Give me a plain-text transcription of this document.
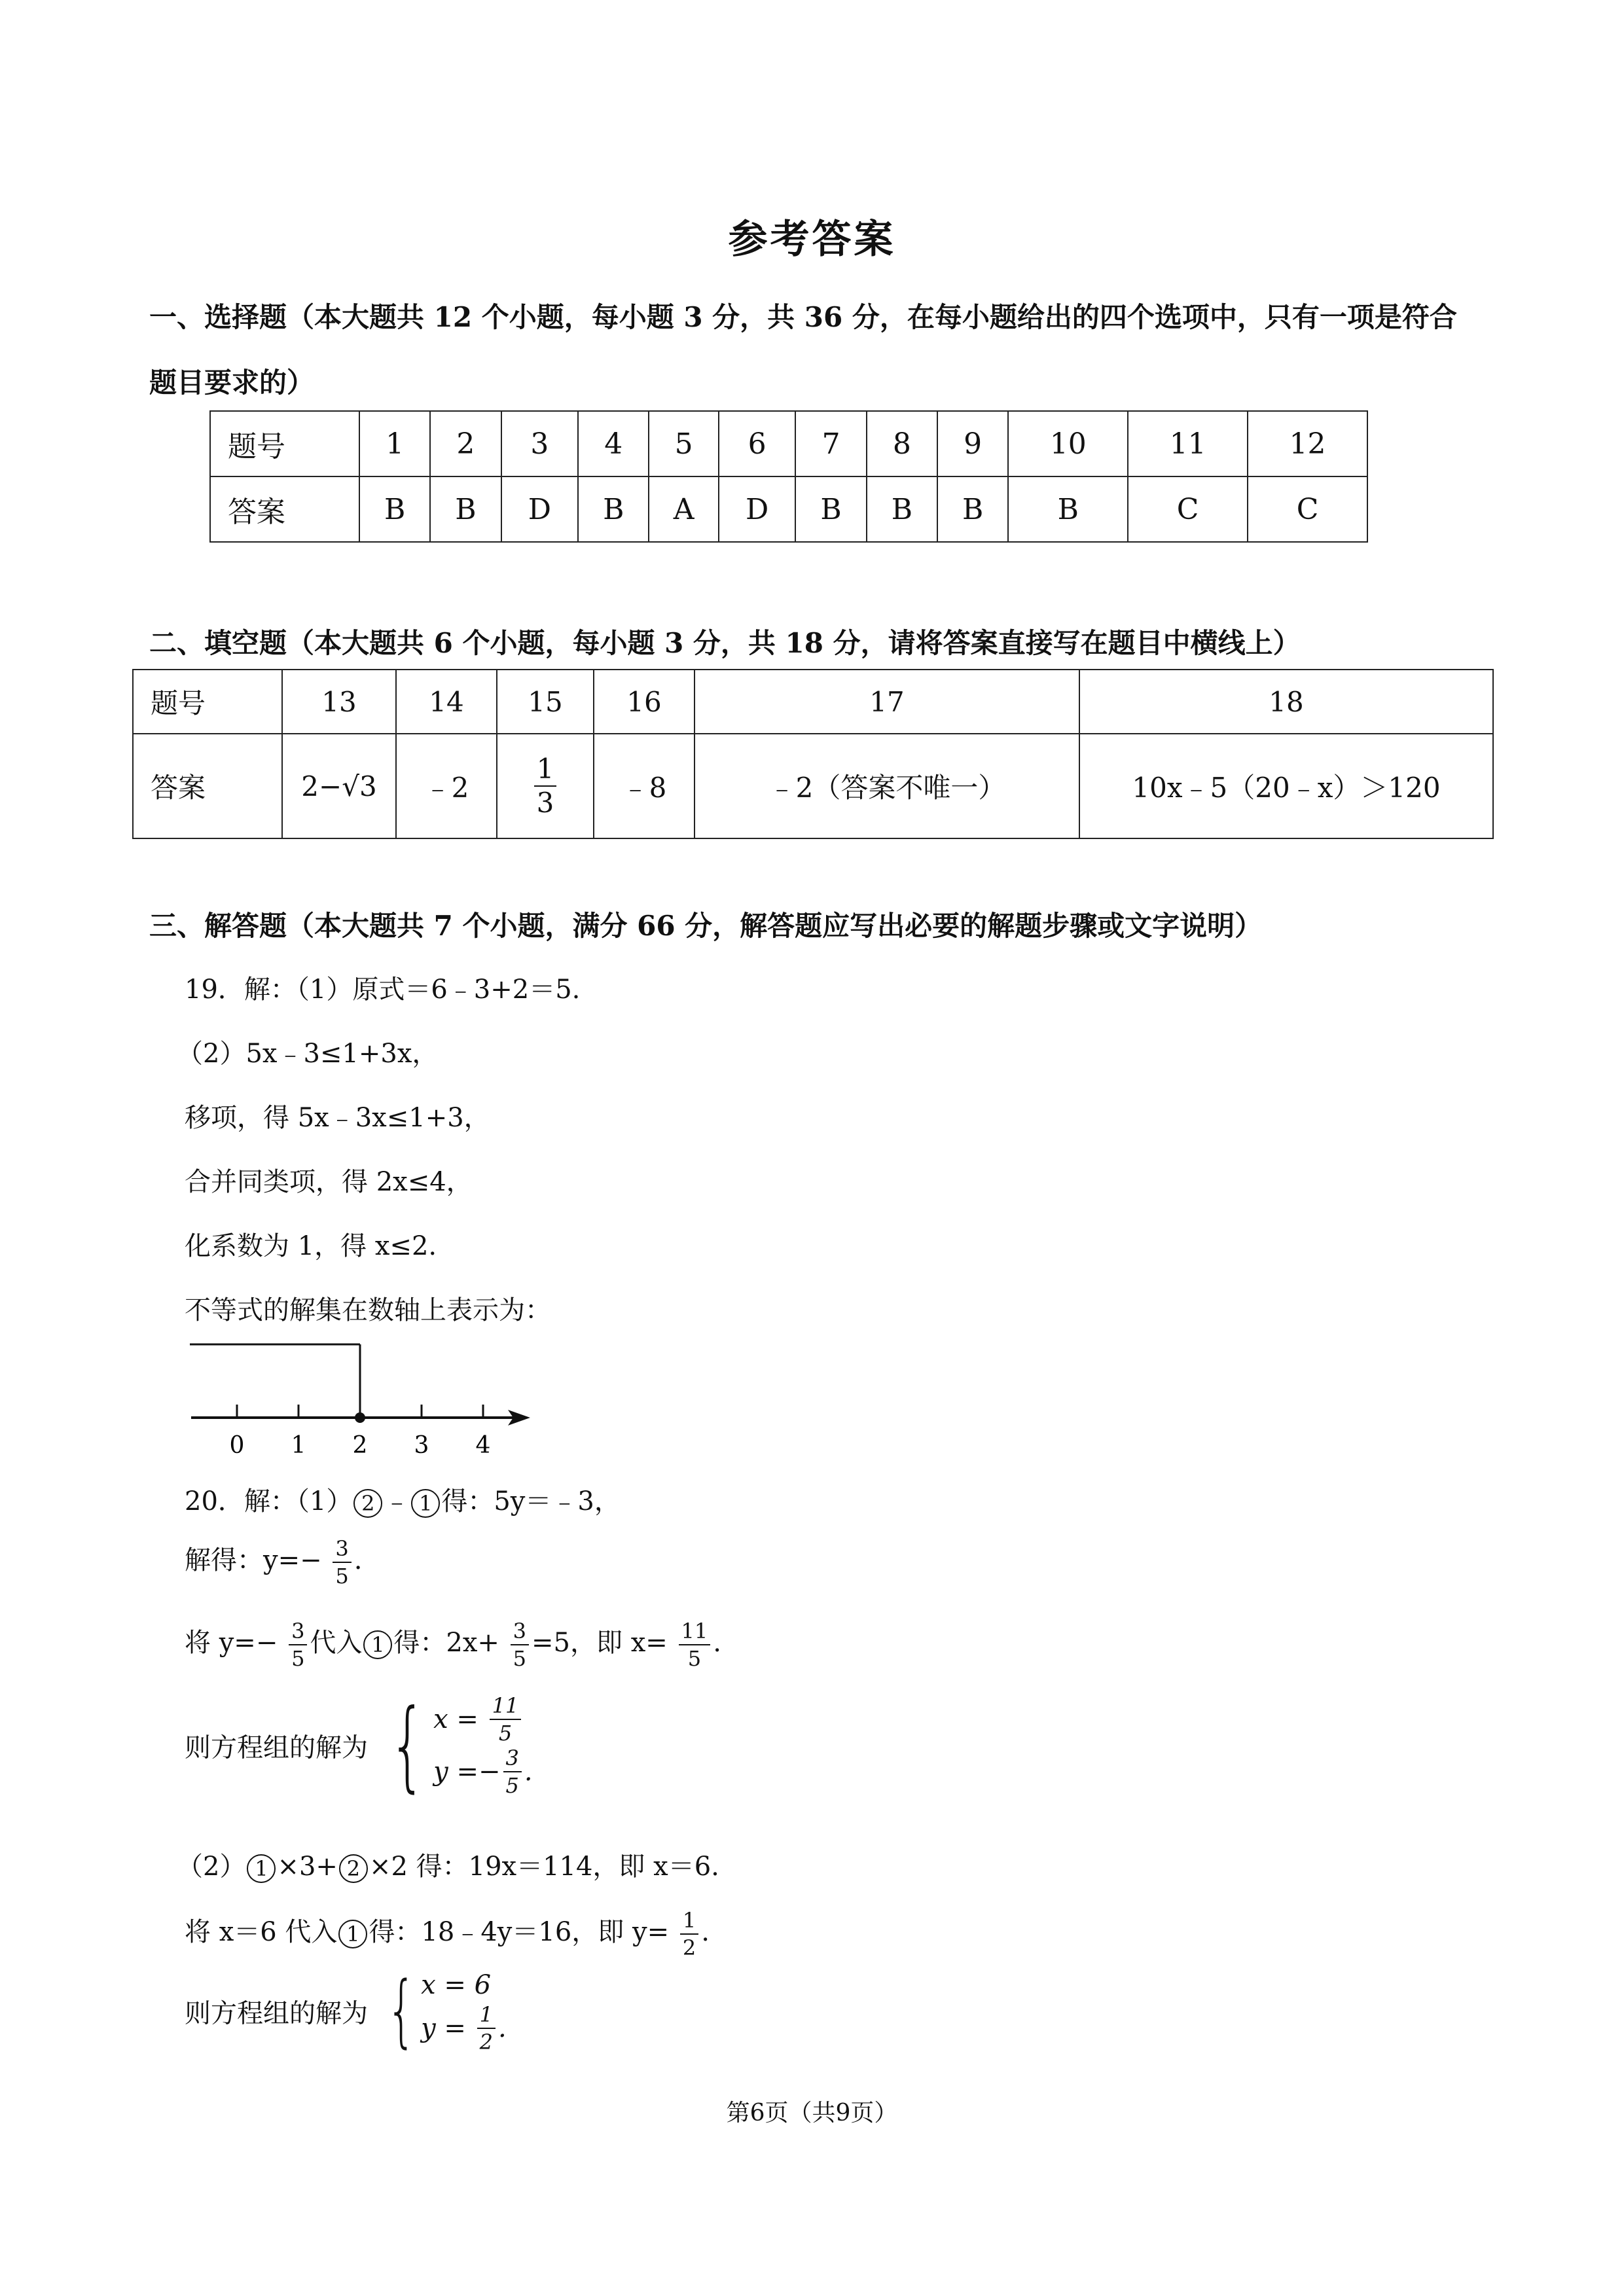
参考答案
一、选择题（本大题共 12 个小题，每小题 3 分，共 36 分，在每小题给出的四个选项中，只有一项是符合
题目要求的）
题号	1	2	3	4	5	6	7	8	9	10	11	12
答案	B	B	D	B	A	D	B	B	B	B	C	C
二、填空题（本大题共 6 个小题，每小题 3 分，共 18 分，请将答案直接写在题目中横线上）
题号	13	14	15	16	17	18
答案	2−√3	﹣2	$\frac{1}{3}$	﹣8	﹣2（答案不唯一）	10x﹣5（20﹣x）＞120
三、解答题（本大题共 7 个小题，满分 66 分，解答题应写出必要的解题步骤或文字说明）
19．解：（1）原式＝6﹣3+2＝5.
（2）5x﹣3≤1+3x，
移项，得 5x﹣3x≤1+3，
合并同类项，得 2x≤4，
化系数为 1，得 x≤2.
不等式的解集在数轴上表示为：
0 1 2 3 4
20．解：（1） 2 ﹣ 1 得：5y＝﹣3，
解得：$y=- \frac{3}{5}$ .
将 $y=- \frac{3}{5}$ 代入 1 得：$2x+ \frac{3}{5} =5$，即 $x= \frac{11}{5}$ .
则方程组的解为 { x =
$\frac{11}{5}$
$y =- \frac{3}{5}$ .
（2） 1 ×3+ 2 ×2 得：19x＝114，即 x＝6.
将 x＝6 代入 1 得：18﹣4y＝16，即 $y= \frac{1}{2}$ .
则方程组的解为 { x = 6
y =
$\frac{1}{2}$ .
第6页（共9页）
